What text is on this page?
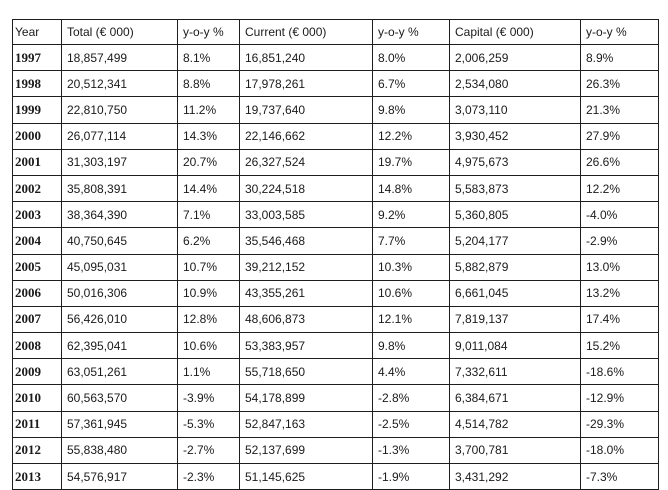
Year	Total (€ 000)	y-o-y %	Current (€ 000)	y-o-y %	Capital (€ 000)	y-o-y %
1997	18,857,499	8.1%	16,851,240	8.0%	2,006,259	8.9%
1998	20,512,341	8.8%	17,978,261	6.7%	2,534,080	26.3%
1999	22,810,750	11.2%	19,737,640	9.8%	3,073,110	21.3%
2000	26,077,114	14.3%	22,146,662	12.2%	3,930,452	27.9%
2001	31,303,197	20.7%	26,327,524	19.7%	4,975,673	26.6%
2002	35,808,391	14.4%	30,224,518	14.8%	5,583,873	12.2%
2003	38,364,390	7.1%	33,003,585	9.2%	5,360,805	-4.0%
2004	40,750,645	6.2%	35,546,468	7.7%	5,204,177	-2.9%
2005	45,095,031	10.7%	39,212,152	10.3%	5,882,879	13.0%
2006	50,016,306	10.9%	43,355,261	10.6%	6,661,045	13.2%
2007	56,426,010	12.8%	48,606,873	12.1%	7,819,137	17.4%
2008	62,395,041	10.6%	53,383,957	9.8%	9,011,084	15.2%
2009	63,051,261	1.1%	55,718,650	4.4%	7,332,611	-18.6%
2010	60,563,570	-3.9%	54,178,899	-2.8%	6,384,671	-12.9%
2011	57,361,945	-5.3%	52,847,163	-2.5%	4,514,782	-29.3%
2012	55,838,480	-2.7%	52,137,699	-1.3%	3,700,781	-18.0%
2013	54,576,917	-2.3%	51,145,625	-1.9%	3,431,292	-7.3%
